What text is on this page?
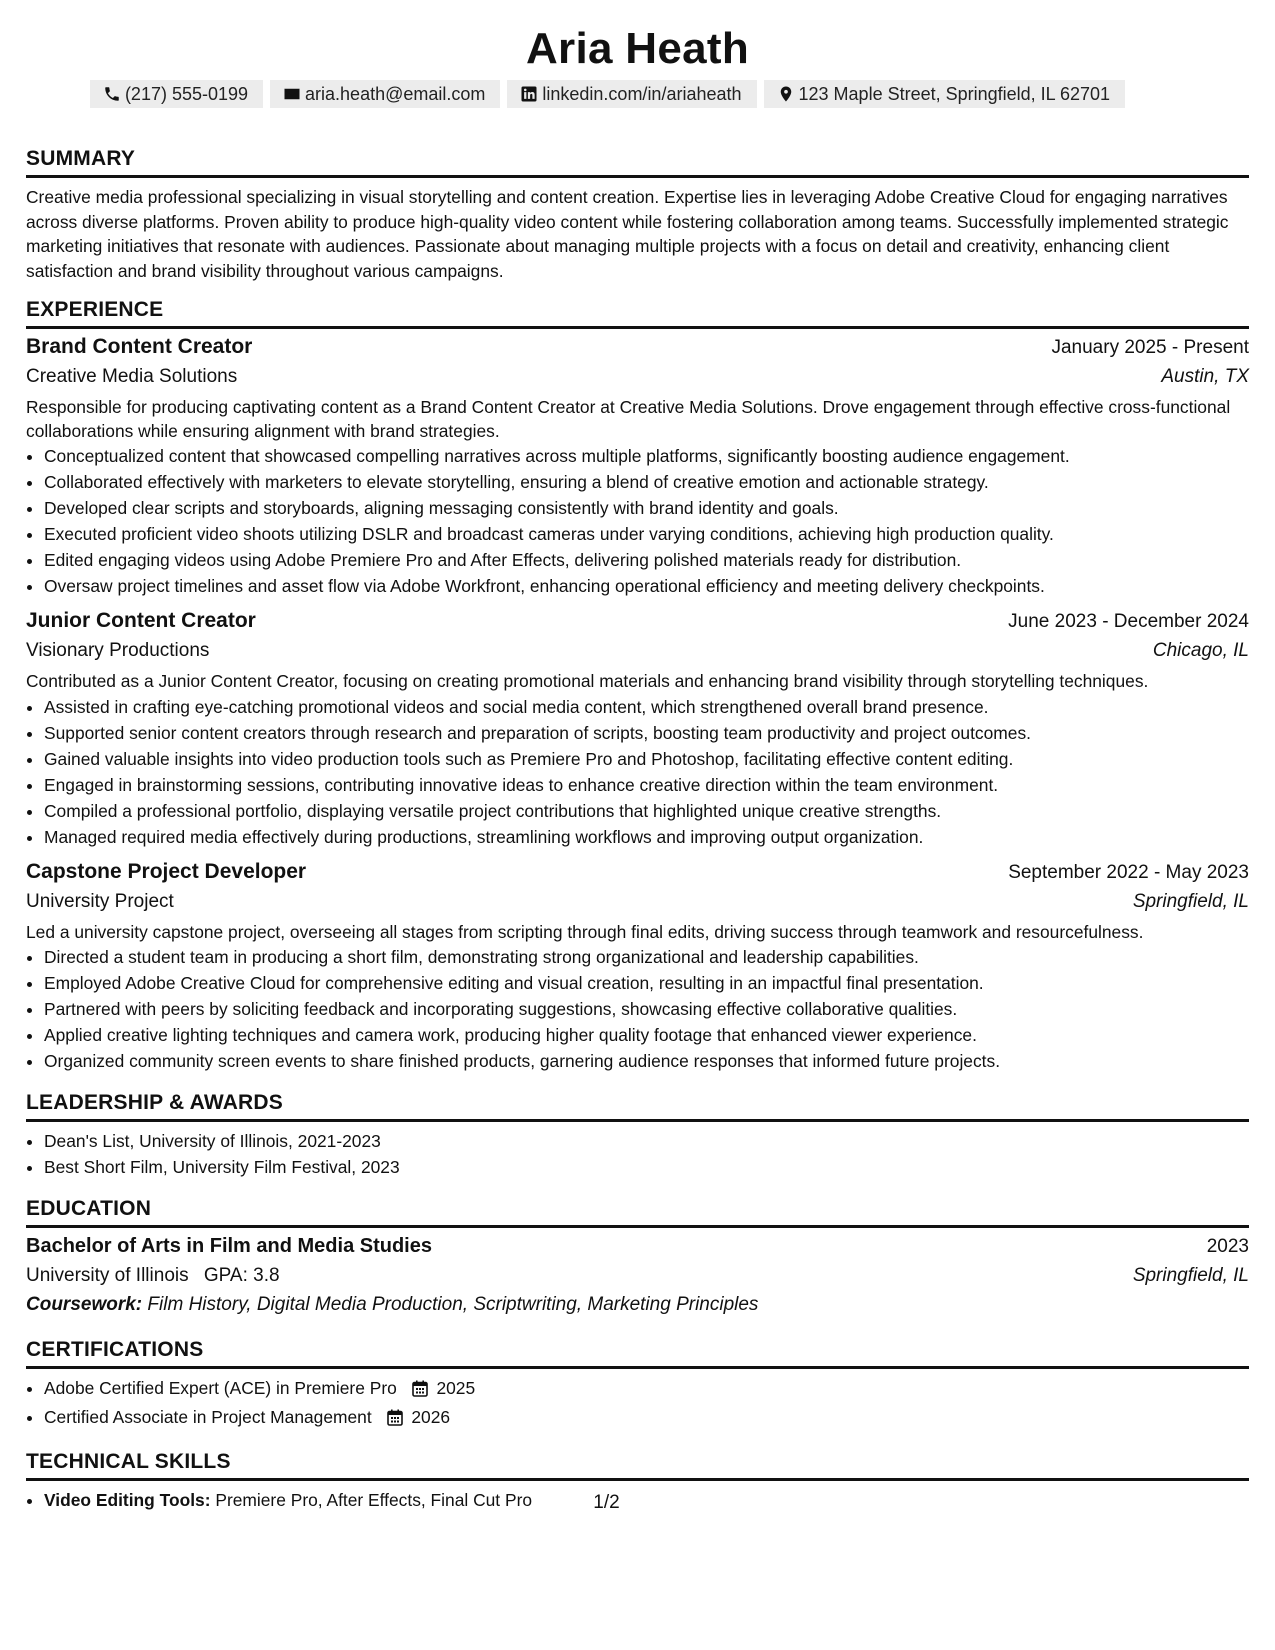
Aria Heath
(217) 555-0199	aria.heath@email.com	linkedin.com/in/ariaheath	123 Maple Street, Springfield, IL 62701
SUMMARY
Creative media professional specializing in visual storytelling and content creation. Expertise lies in leveraging Adobe Creative Cloud for engaging narratives across diverse platforms. Proven ability to produce high-quality video content while fostering collaboration among teams. Successfully implemented strategic marketing initiatives that resonate with audiences. Passionate about managing multiple projects with a focus on detail and creativity, enhancing client satisfaction and brand visibility throughout various campaigns.
EXPERIENCE
Brand Content Creator	January 2025 - Present
Creative Media Solutions	Austin, TX
Responsible for producing captivating content as a Brand Content Creator at Creative Media Solutions. Drove engagement through effective cross-functional collaborations while ensuring alignment with brand strategies.
• Conceptualized content that showcased compelling narratives across multiple platforms, significantly boosting audience engagement.
• Collaborated effectively with marketers to elevate storytelling, ensuring a blend of creative emotion and actionable strategy.
• Developed clear scripts and storyboards, aligning messaging consistently with brand identity and goals.
• Executed proficient video shoots utilizing DSLR and broadcast cameras under varying conditions, achieving high production quality.
• Edited engaging videos using Adobe Premiere Pro and After Effects, delivering polished materials ready for distribution.
• Oversaw project timelines and asset flow via Adobe Workfront, enhancing operational efficiency and meeting delivery checkpoints.
Junior Content Creator	June 2023 - December 2024
Visionary Productions	Chicago, IL
Contributed as a Junior Content Creator, focusing on creating promotional materials and enhancing brand visibility through storytelling techniques.
• Assisted in crafting eye-catching promotional videos and social media content, which strengthened overall brand presence.
• Supported senior content creators through research and preparation of scripts, boosting team productivity and project outcomes.
• Gained valuable insights into video production tools such as Premiere Pro and Photoshop, facilitating effective content editing.
• Engaged in brainstorming sessions, contributing innovative ideas to enhance creative direction within the team environment.
• Compiled a professional portfolio, displaying versatile project contributions that highlighted unique creative strengths.
• Managed required media effectively during productions, streamlining workflows and improving output organization.
Capstone Project Developer	September 2022 - May 2023
University Project	Springfield, IL
Led a university capstone project, overseeing all stages from scripting through final edits, driving success through teamwork and resourcefulness.
• Directed a student team in producing a short film, demonstrating strong organizational and leadership capabilities.
• Employed Adobe Creative Cloud for comprehensive editing and visual creation, resulting in an impactful final presentation.
• Partnered with peers by soliciting feedback and incorporating suggestions, showcasing effective collaborative qualities.
• Applied creative lighting techniques and camera work, producing higher quality footage that enhanced viewer experience.
• Organized community screen events to share finished products, garnering audience responses that informed future projects.
LEADERSHIP & AWARDS
• Dean's List, University of Illinois, 2021-2023
• Best Short Film, University Film Festival, 2023
EDUCATION
Bachelor of Arts in Film and Media Studies	2023
University of Illinois GPA: 3.8	Springfield, IL
Coursework: Film History, Digital Media Production, Scriptwriting, Marketing Principles
CERTIFICATIONS
• Adobe Certified Expert (ACE) in Premiere Pro 2025
• Certified Associate in Project Management 2026
TECHNICAL SKILLS
• Video Editing Tools: Premiere Pro, After Effects, Final Cut Pro	1/2
